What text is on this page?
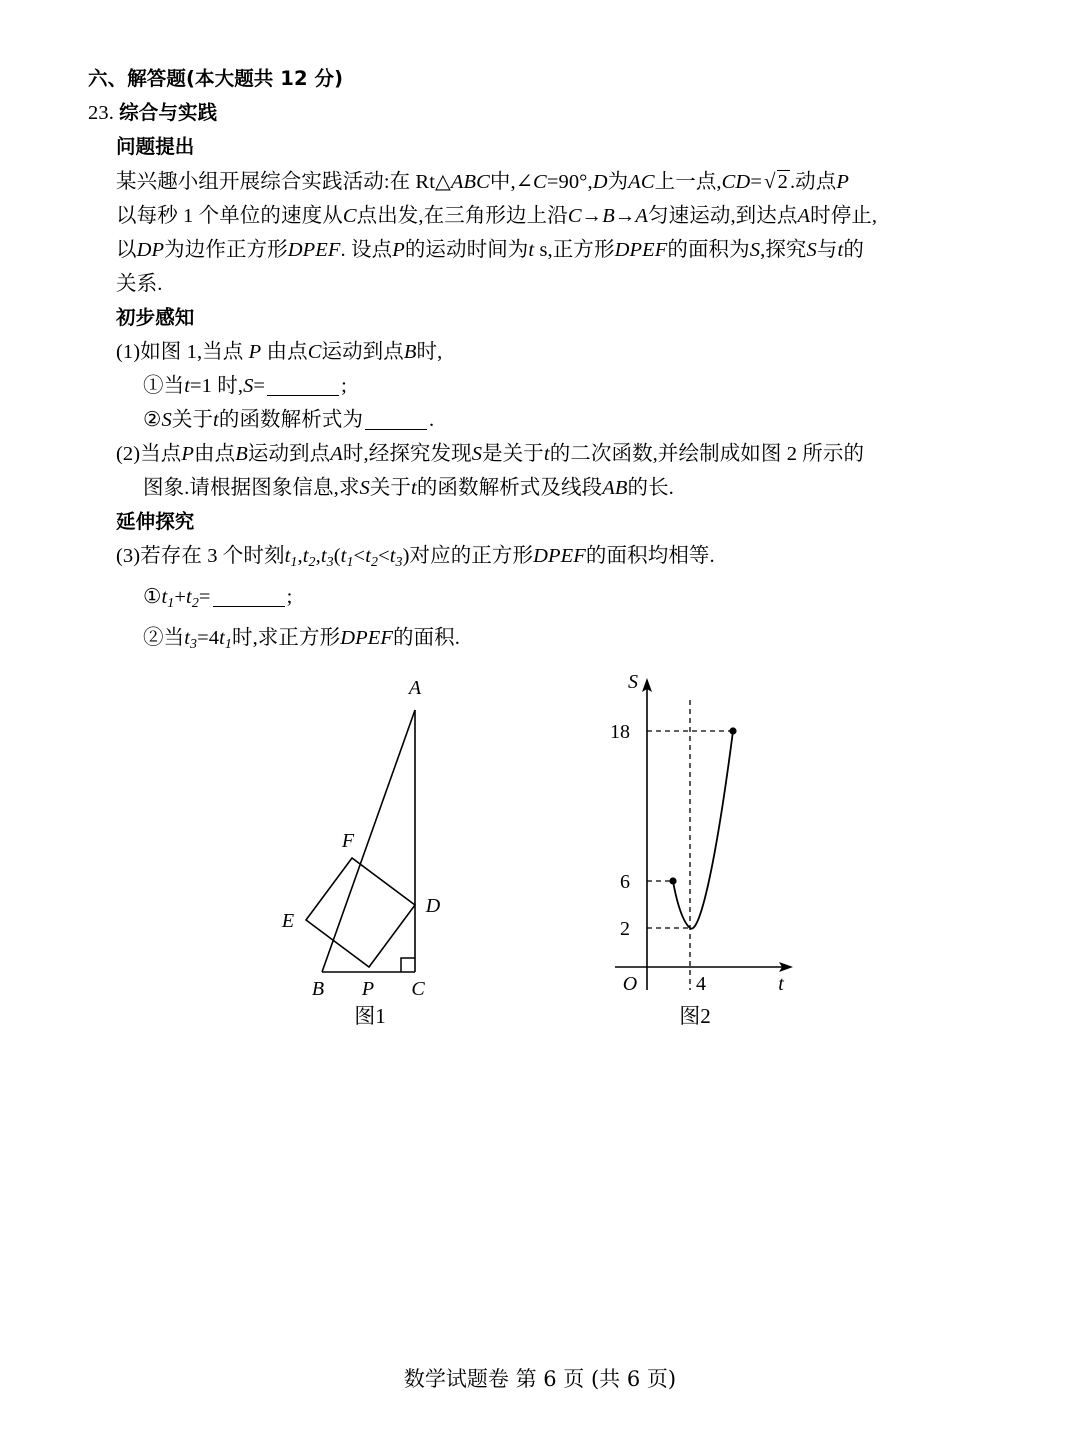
六、解答题(本大题共 12 分)
23. 综合与实践
问题提出
某兴趣小组开展综合实践活动:在 Rt△ABC中,∠C=90°,D为AC上一点,CD=√2.动点P
以每秒 1 个单位的速度从C点出发,在三角形边上沿C→B→A匀速运动,到达点A时停止,
以DP为边作正方形DPEF. 设点P的运动时间为t s,正方形DPEF的面积为S,探究S与t的
关系.
初步感知
(1)如图 1,当点 P 由点C运动到点B时,
①当t=1 时,S=	;
②S关于t的函数解析式为	.
(2)当点P由点B运动到点A时,经探究发现S是关于t的二次函数,并绘制成如图 2 所示的
图象.请根据图象信息,求S关于t的函数解析式及线段AB的长.
延伸探究
(3)若存在 3 个时刻$t_1,t_2,t_3(t_1<t_2<t_3)$对应的正方形DPEF的面积均相等.
$①t_1+t_2=$	;
②当$t_3=4t_1$时,求正方形DPEF的面积.
A
B	C
D
E
F
P
图1
S
t
O
18
6
2
4
图2
数学试题卷 第 6 页 (共 6 页)
